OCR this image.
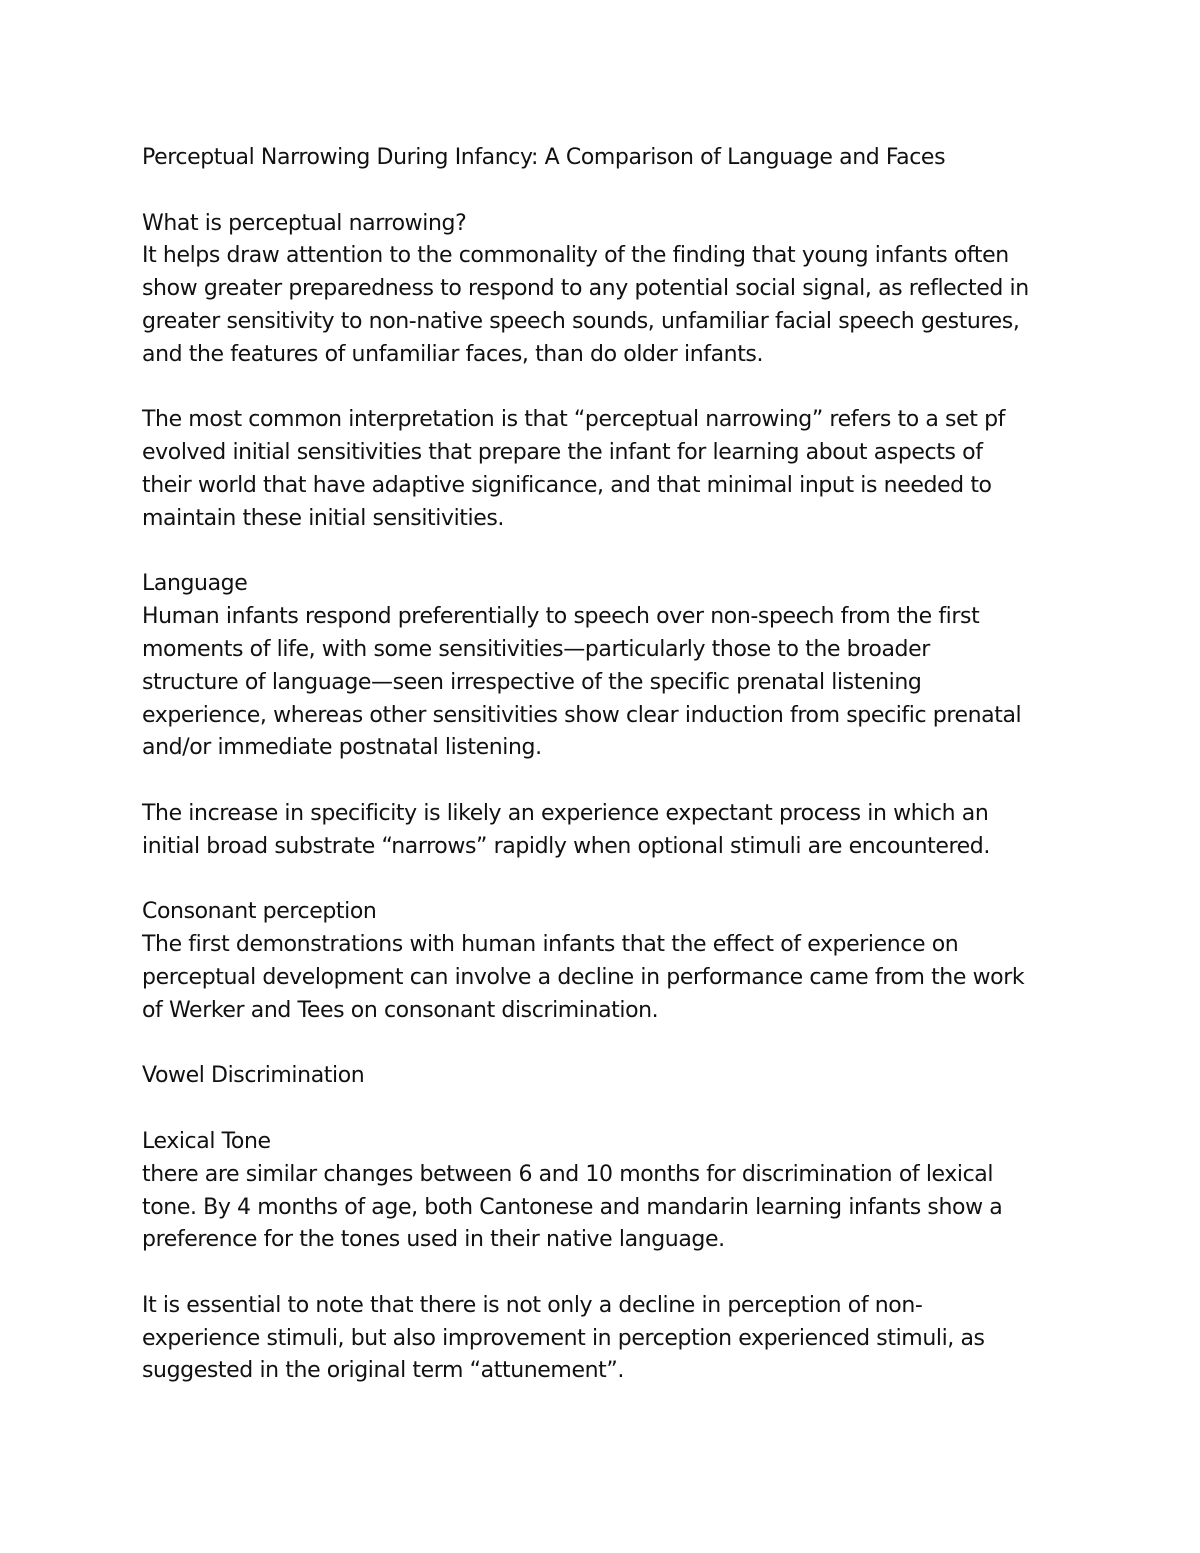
Perceptual Narrowing During Infancy: A Comparison of Language and Faces

What is perceptual narrowing?

It helps draw attention to the commonality of the finding that young infants often

show greater preparedness to respond to any potential social signal, as reflected in

greater sensitivity to non-native speech sounds, unfamiliar facial speech gestures,

and the features of unfamiliar faces, than do older infants.

The most common interpretation is that “perceptual narrowing” refers to a set pf

evolved initial sensitivities that prepare the infant for learning about aspects of

their world that have adaptive significance, and that minimal input is needed to

maintain these initial sensitivities.

Language

Human infants respond preferentially to speech over non-speech from the first

moments of life, with some sensitivities—particularly those to the broader

structure of language—seen irrespective of the specific prenatal listening

experience, whereas other sensitivities show clear induction from specific prenatal

and/or immediate postnatal listening.

The increase in specificity is likely an experience expectant process in which an

initial broad substrate “narrows” rapidly when optional stimuli are encountered.

Consonant perception

The first demonstrations with human infants that the effect of experience on

perceptual development can involve a decline in performance came from the work

of Werker and Tees on consonant discrimination.

Vowel Discrimination

Lexical Tone

there are similar changes between 6 and 10 months for discrimination of lexical

tone. By 4 months of age, both Cantonese and mandarin learning infants show a

preference for the tones used in their native language.

It is essential to note that there is not only a decline in perception of non-

experience stimuli, but also improvement in perception experienced stimuli, as

suggested in the original term “attunement”.
